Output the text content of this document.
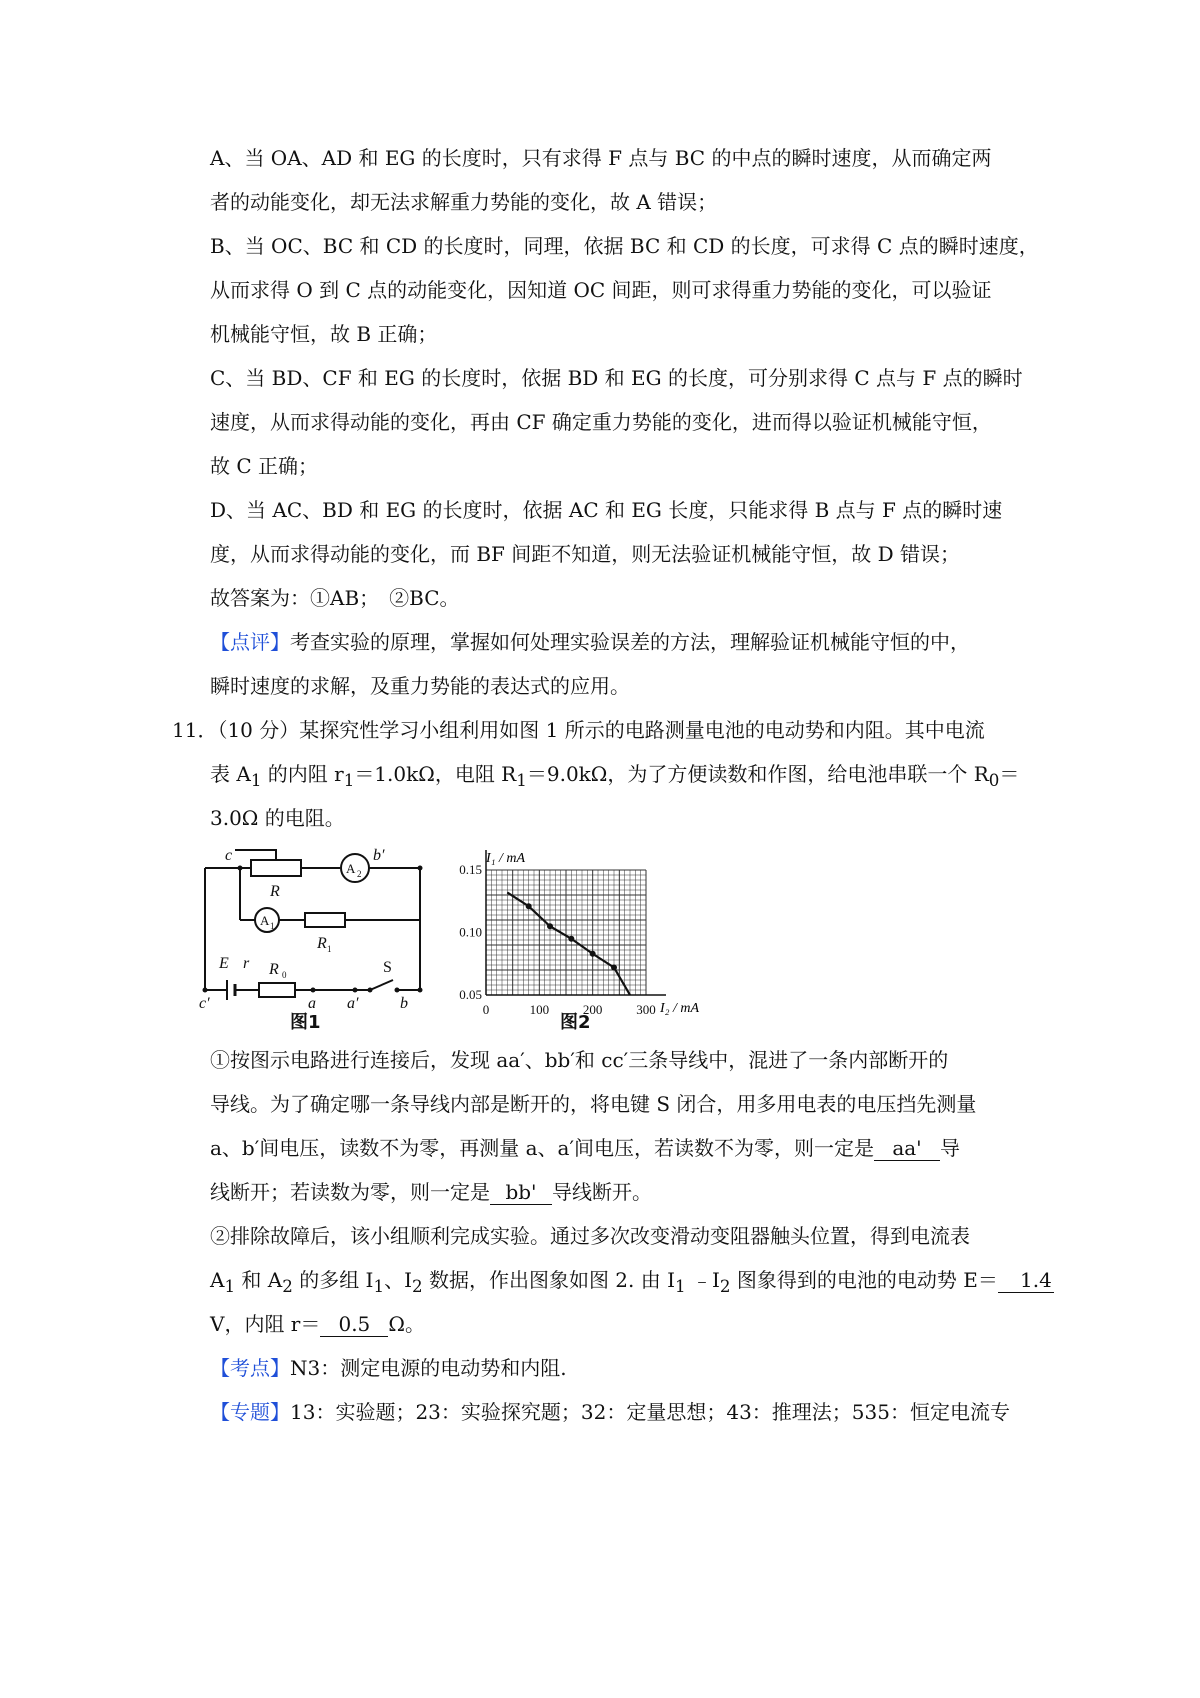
A、当 OA、AD 和 EG 的长度时，只有求得 F 点与 BC 的中点的瞬时速度，从而确定两
者的动能变化，却无法求解重力势能的变化，故 A 错误；
B、当 OC、BC 和 CD 的长度时，同理，依据 BC 和 CD 的长度，可求得 C 点的瞬时速度，
从而求得 O 到 C 点的动能变化，因知道 OC 间距，则可求得重力势能的变化，可以验证
机械能守恒，故 B 正确；
C、当 BD、CF 和 EG 的长度时，依据 BD 和 EG 的长度，可分别求得 C 点与 F 点的瞬时
速度，从而求得动能的变化，再由 CF 确定重力势能的变化，进而得以验证机械能守恒，
故 C 正确；
D、当 AC、BD 和 EG 的长度时，依据 AC 和 EG 长度，只能求得 B 点与 F 点的瞬时速
度，从而求得动能的变化，而 BF 间距不知道，则无法验证机械能守恒，故 D 错误；
故答案为：①AB；　②BC。
【点评】考查实验的原理，掌握如何处理实验误差的方法，理解验证机械能守恒的中，
瞬时速度的求解，及重力势能的表达式的应用。
11．（10 分）某探究性学习小组利用如图 1 所示的电路测量电池的电动势和内阻。其中电流
表 $A_1$ 的内阻 $r_1=1.0k\Omega$，电阻 $R_1=9.0k\Omega$，为了方便读数和作图，给电池串联一个 $R_0=$
3.0Ω 的电阻。
c	b′
R
R
E r R	S
c′	a a′	b
A 2
A 1
1
0
图1
0	100	200	300
0.05
0.10
0.15
I₁ / mA
I₂ / mA
图2
①按图示电路进行连接后，发现 aa′、bb′和 cc′三条导线中，混进了一条内部断开的
导线。为了确定哪一条导线内部是断开的，将电键 S 闭合，用多用电表的电压挡先测量
a、b′间电压，读数不为零，再测量 a、a′间电压，若读数不为零，则一定是 aa' 导
线断开；若读数为零，则一定是 bb' 导线断开。
②排除故障后，该小组顺利完成实验。通过多次改变滑动变阻器触头位置，得到电流表
$A_1$ 和 $A_2$ 的多组 $I_1$、$I_2$ 数据，作出图象如图 2. 由 $I_1$ $﹣I_2$ 图象得到的电池的电动势 E＝ 1.4
V，内阻 r＝ 0.5 Ω。
【考点】N3：测定电源的电动势和内阻.
【专题】13：实验题；23：实验探究题；32：定量思想；43：推理法；535：恒定电流专
